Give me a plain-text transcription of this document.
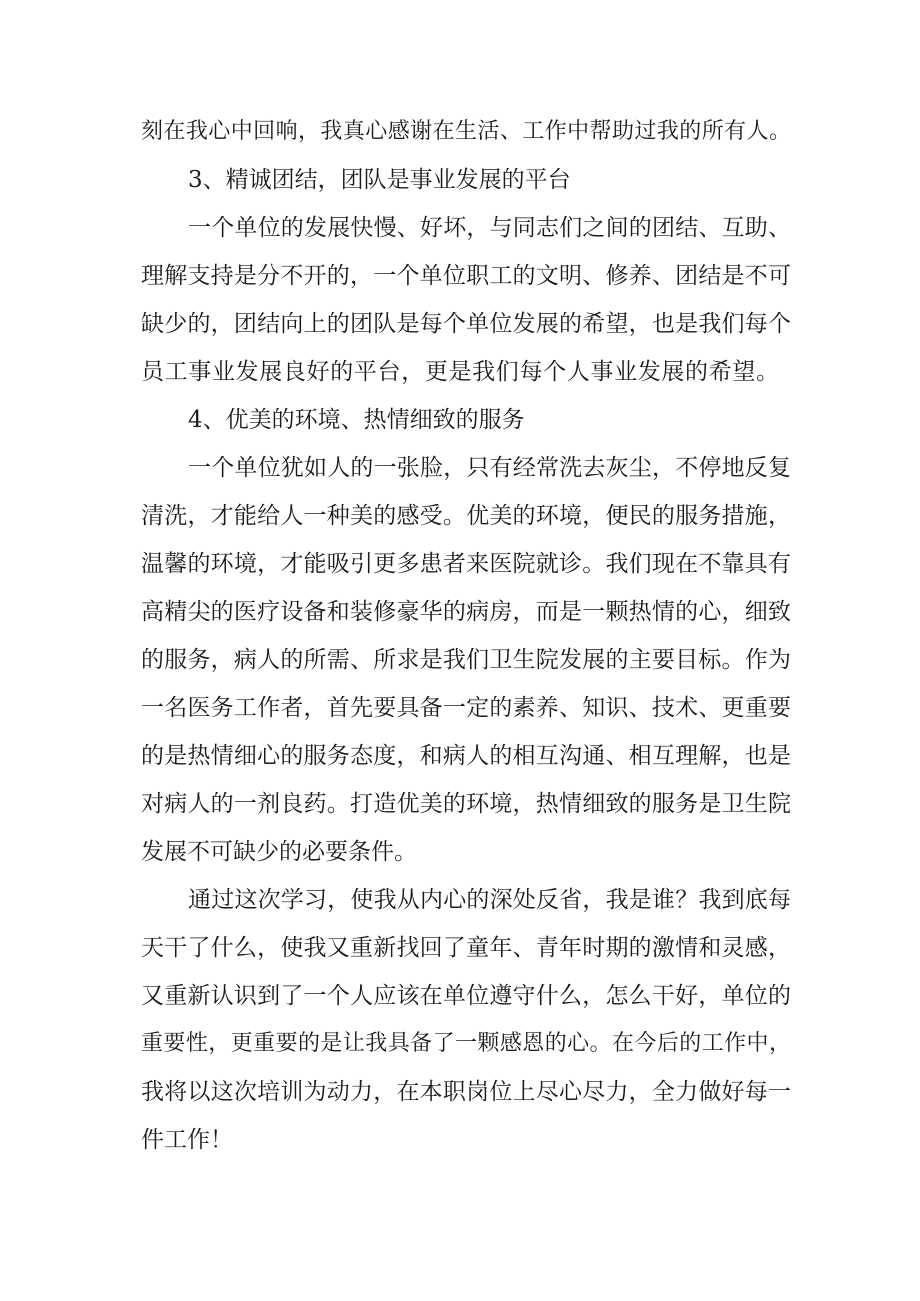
刻在我心中回响，我真心感谢在生活、工作中帮助过我的所有人。

3、精诚团结，团队是事业发展的平台

一个单位的发展快慢、好坏，与同志们之间的团结、互助、

理解支持是分不开的，一个单位职工的文明、修养、团结是不可

缺少的，团结向上的团队是每个单位发展的希望，也是我们每个

员工事业发展良好的平台，更是我们每个人事业发展的希望。

4、优美的环境、热情细致的服务

一个单位犹如人的一张脸，只有经常洗去灰尘，不停地反复

清洗，才能给人一种美的感受。优美的环境，便民的服务措施，

温馨的环境，才能吸引更多患者来医院就诊。我们现在不靠具有

高精尖的医疗设备和装修豪华的病房，而是一颗热情的心，细致

的服务，病人的所需、所求是我们卫生院发展的主要目标。作为

一名医务工作者，首先要具备一定的素养、知识、技术、更重要

的是热情细心的服务态度，和病人的相互沟通、相互理解，也是

对病人的一剂良药。打造优美的环境，热情细致的服务是卫生院

发展不可缺少的必要条件。

通过这次学习，使我从内心的深处反省，我是谁？我到底每

天干了什么，使我又重新找回了童年、青年时期的激情和灵感，

又重新认识到了一个人应该在单位遵守什么，怎么干好，单位的

重要性，更重要的是让我具备了一颗感恩的心。在今后的工作中，

我将以这次培训为动力，在本职岗位上尽心尽力，全力做好每一

件工作！
